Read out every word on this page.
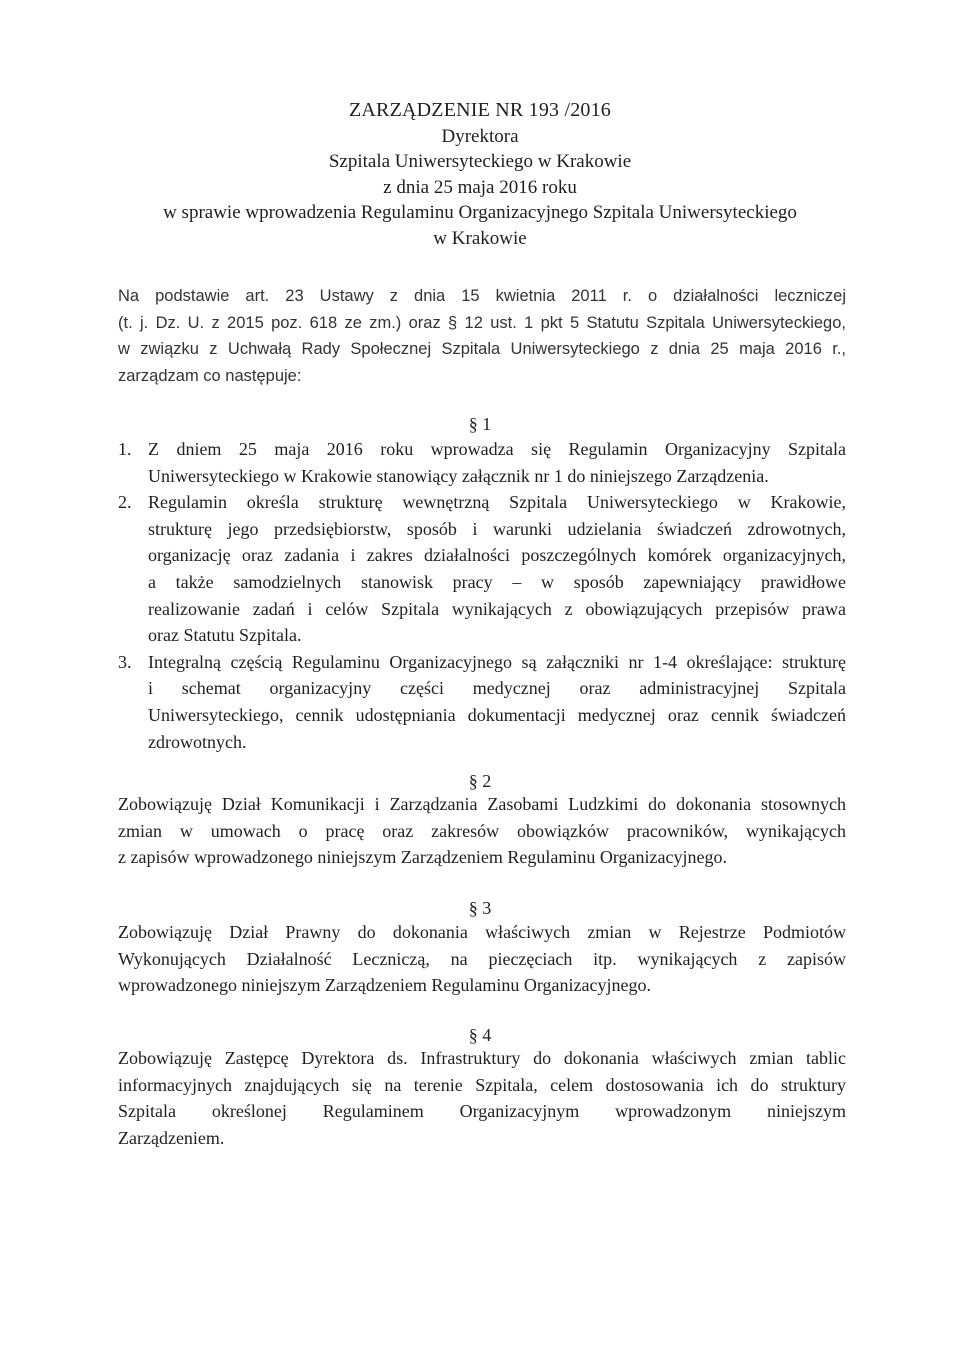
ZARZĄDZENIE NR 193 /2016
Dyrektora
Szpitala Uniwersyteckiego w Krakowie
z dnia 25 maja 2016 roku
w sprawie wprowadzenia Regulaminu Organizacyjnego Szpitala Uniwersyteckiego
w Krakowie
Na podstawie art. 23 Ustawy z dnia 15 kwietnia 2011 r. o działalności leczniczej
(t. j. Dz. U. z 2015 poz. 618 ze zm.) oraz § 12 ust. 1 pkt 5 Statutu Szpitala Uniwersyteckiego,
w związku z Uchwałą Rady Społecznej Szpitala Uniwersyteckiego z dnia 25 maja 2016 r.,
zarządzam co następuje:
§ 1
1. Z dniem 25 maja 2016 roku wprowadza się Regulamin Organizacyjny Szpitala
Uniwersyteckiego w Krakowie stanowiący załącznik nr 1 do niniejszego Zarządzenia.
2. Regulamin określa strukturę wewnętrzną Szpitala Uniwersyteckiego w Krakowie,
strukturę jego przedsiębiorstw, sposób i warunki udzielania świadczeń zdrowotnych,
organizację oraz zadania i zakres działalności poszczególnych komórek organizacyjnych,
a także samodzielnych stanowisk pracy – w sposób zapewniający prawidłowe
realizowanie zadań i celów Szpitala wynikających z obowiązujących przepisów prawa
oraz Statutu Szpitala.
3. Integralną częścią Regulaminu Organizacyjnego są załączniki nr 1-4 określające: strukturę
i schemat organizacyjny części medycznej oraz administracyjnej Szpitala
Uniwersyteckiego, cennik udostępniania dokumentacji medycznej oraz cennik świadczeń
zdrowotnych.
§ 2
Zobowiązuję Dział Komunikacji i Zarządzania Zasobami Ludzkimi do dokonania stosownych
zmian w umowach o pracę oraz zakresów obowiązków pracowników, wynikających
z zapisów wprowadzonego niniejszym Zarządzeniem Regulaminu Organizacyjnego.
§ 3
Zobowiązuję Dział Prawny do dokonania właściwych zmian w Rejestrze Podmiotów
Wykonujących Działalność Leczniczą, na pieczęciach itp. wynikających z zapisów
wprowadzonego niniejszym Zarządzeniem Regulaminu Organizacyjnego.
§ 4
Zobowiązuję Zastępcę Dyrektora ds. Infrastruktury do dokonania właściwych zmian tablic
informacyjnych znajdujących się na terenie Szpitala, celem dostosowania ich do struktury
Szpitala określonej Regulaminem Organizacyjnym wprowadzonym niniejszym
Zarządzeniem.
